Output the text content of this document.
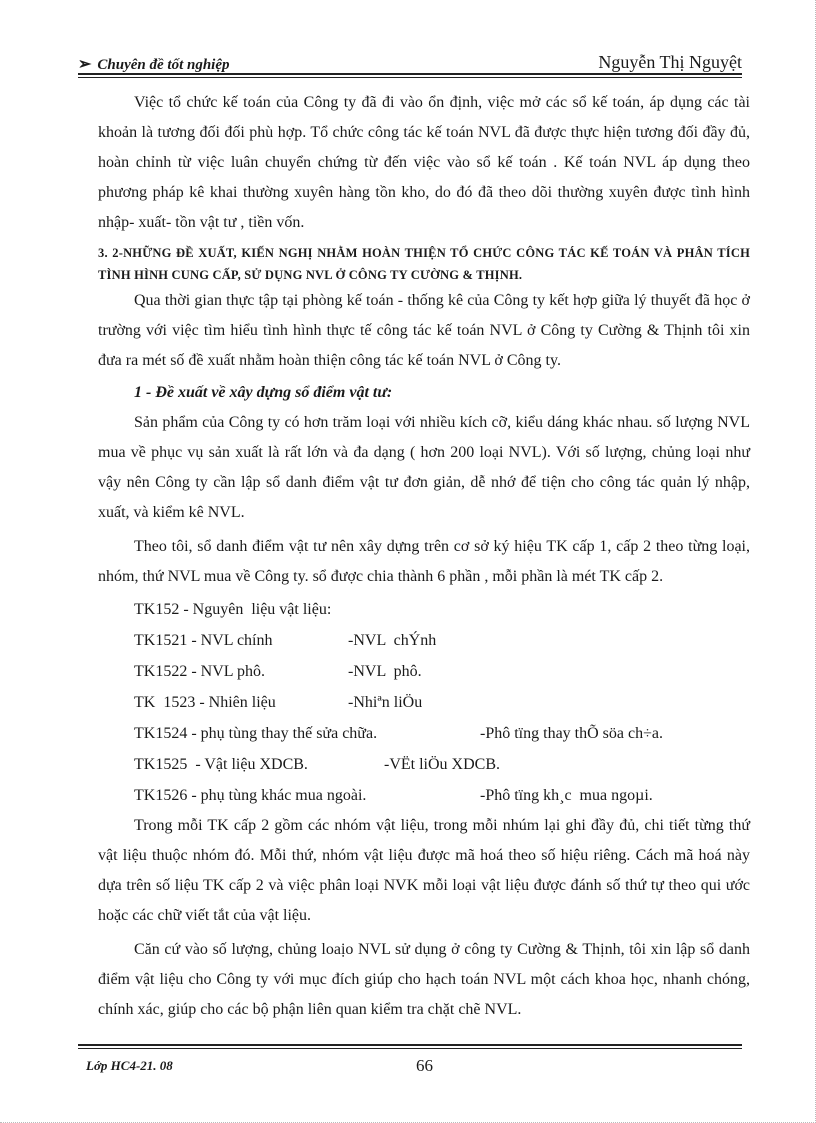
➢ Chuyên đề tốt nghiệp	Nguyễn Thị Nguyệt

Việc tổ chức kế toán của Công ty đã đi vào ổn định, việc mở các sổ kế toán, áp dụng các tài khoản là tương đối đối phù hợp. Tổ chức công tác kế toán NVL đã được thực hiện tương đối đầy đủ, hoàn chỉnh từ việc luân chuyển chứng từ đến việc vào sổ kế toán . Kế toán NVL áp dụng theo phương pháp kê khai thường xuyên hàng tồn kho, do đó đã theo dõi thường xuyên được tình hình nhập- xuất- tồn vật tư , tiền vốn.

3. 2-NHỮNG ĐỀ XUẤT, KIẾN NGHỊ NHẰM HOÀN THIỆN TỔ CHỨC CÔNG TÁC KẾ TOÁN VÀ PHÂN TÍCH TÌNH HÌNH CUNG CẤP, SỬ DỤNG NVL Ở CÔNG TY CƯỜNG & THỊNH.

Qua thời gian thực tập tại phòng kế toán - thống kê của Công ty kết hợp giữa lý thuyết đã học ở trường với việc tìm hiểu tình hình thực tế công tác kế toán NVL ở Công ty Cường & Thịnh tôi xin đưa ra mét số đề xuất nhằm hoàn thiện công tác kế toán NVL ở Công ty.

1 - Đề xuất về xây dựng sổ điểm vật tư:

Sản phẩm của Công ty có hơn trăm loại với nhiều kích cỡ, kiểu dáng khác nhau. số lượng NVL mua về phục vụ sản xuất là rất lớn và đa dạng ( hơn 200 loại NVL). Với số lượng, chủng loại như vậy nên Công ty cần lập sổ danh điểm vật tư đơn giản, dễ nhớ để tiện cho công tác quản lý nhập, xuất, và kiểm kê NVL.

Theo tôi, sổ danh điểm vật tư nên xây dựng trên cơ sở ký hiệu TK cấp 1, cấp 2 theo từng loại, nhóm, thứ NVL mua về Công ty. sổ được chia thành 6 phần , mỗi phần là mét TK cấp 2.

TK152 - Nguyên  liệu vật liệu:
TK1521 - NVL chính	-NVL  chÝnh
TK1522 - NVL phô.	-NVL  phô.
TK  1523 - Nhiên liệu	-Nhiªn liÖu
TK1524 - phụ tùng thay thế sửa chữa.	-Phô tïng thay thÕ söa ch÷a.
TK1525  - Vật liệu XDCB.	-VËt liÖu XDCB.
TK1526 - phụ tùng khác mua ngoài.	-Phô tïng kh¸c  mua ngoµi.

Trong mỗi TK cấp 2 gồm các nhóm vật liệu, trong mỗi nhúm lại ghi đầy đủ, chi tiết từng thứ vật liệu thuộc nhóm đó. Mỗi thứ, nhóm vật liệu được mã hoá theo số hiệu riêng. Cách mã hoá này dựa trên số liệu TK cấp 2 và việc phân loại NVK mỗi loại vật liệu được đánh số thứ tự theo qui ước hoặc các chữ viết tắt của vật liệu.

Căn cứ vào số lượng, chủng loaịo NVL sử dụng ở công ty Cường & Thịnh, tôi xin lập sổ danh điểm vật liệu cho Công ty với mục đích giúp cho hạch toán NVL một cách khoa học, nhanh chóng, chính xác, giúp cho các bộ phận liên quan kiểm tra chặt chẽ NVL.

Lớp HC4-21. 08	66
